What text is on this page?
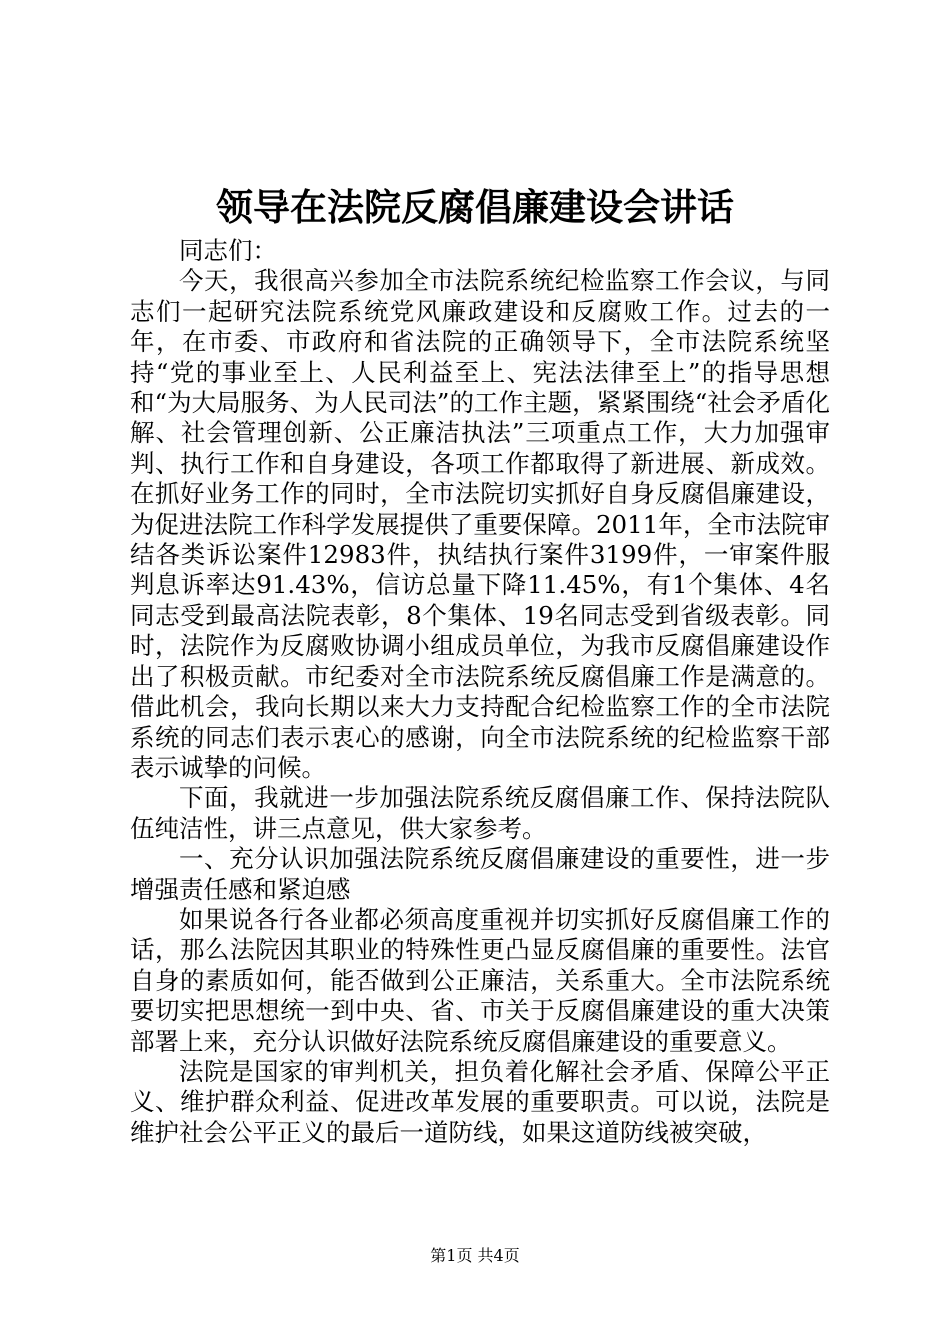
领导在法院反腐倡廉建设会讲话

同志们：

今天，我很高兴参加全市法院系统纪检监察工作会议，与同志们一起研究法院系统党风廉政建设和反腐败工作。过去的一年，在市委、市政府和省法院的正确领导下，全市法院系统坚持“党的事业至上、人民利益至上、宪法法律至上”的指导思想和“为大局服务、为人民司法”的工作主题，紧紧围绕“社会矛盾化解、社会管理创新、公正廉洁执法”三项重点工作，大力加强审判、执行工作和自身建设，各项工作都取得了新进展、新成效。在抓好业务工作的同时，全市法院切实抓好自身反腐倡廉建设，为促进法院工作科学发展提供了重要保障。2011年，全市法院审结各类诉讼案件12983件，执结执行案件3199件，一审案件服判息诉率达91.43%，信访总量下降11.45%，有1个集体、4名同志受到最高法院表彰，8个集体、19名同志受到省级表彰。同时，法院作为反腐败协调小组成员单位，为我市反腐倡廉建设作出了积极贡献。市纪委对全市法院系统反腐倡廉工作是满意的。借此机会，我向长期以来大力支持配合纪检监察工作的全市法院系统的同志们表示衷心的感谢，向全市法院系统的纪检监察干部表示诚挚的问候。

下面，我就进一步加强法院系统反腐倡廉工作、保持法院队伍纯洁性，讲三点意见，供大家参考。

一、充分认识加强法院系统反腐倡廉建设的重要性，进一步增强责任感和紧迫感

如果说各行各业都必须高度重视并切实抓好反腐倡廉工作的话，那么法院因其职业的特殊性更凸显反腐倡廉的重要性。法官自身的素质如何，能否做到公正廉洁，关系重大。全市法院系统要切实把思想统一到中央、省、市关于反腐倡廉建设的重大决策部署上来，充分认识做好法院系统反腐倡廉建设的重要意义。

法院是国家的审判机关，担负着化解社会矛盾、保障公平正义、维护群众利益、促进改革发展的重要职责。可以说，法院是维护社会公平正义的最后一道防线，如果这道防线被突破，

第1页 共4页
